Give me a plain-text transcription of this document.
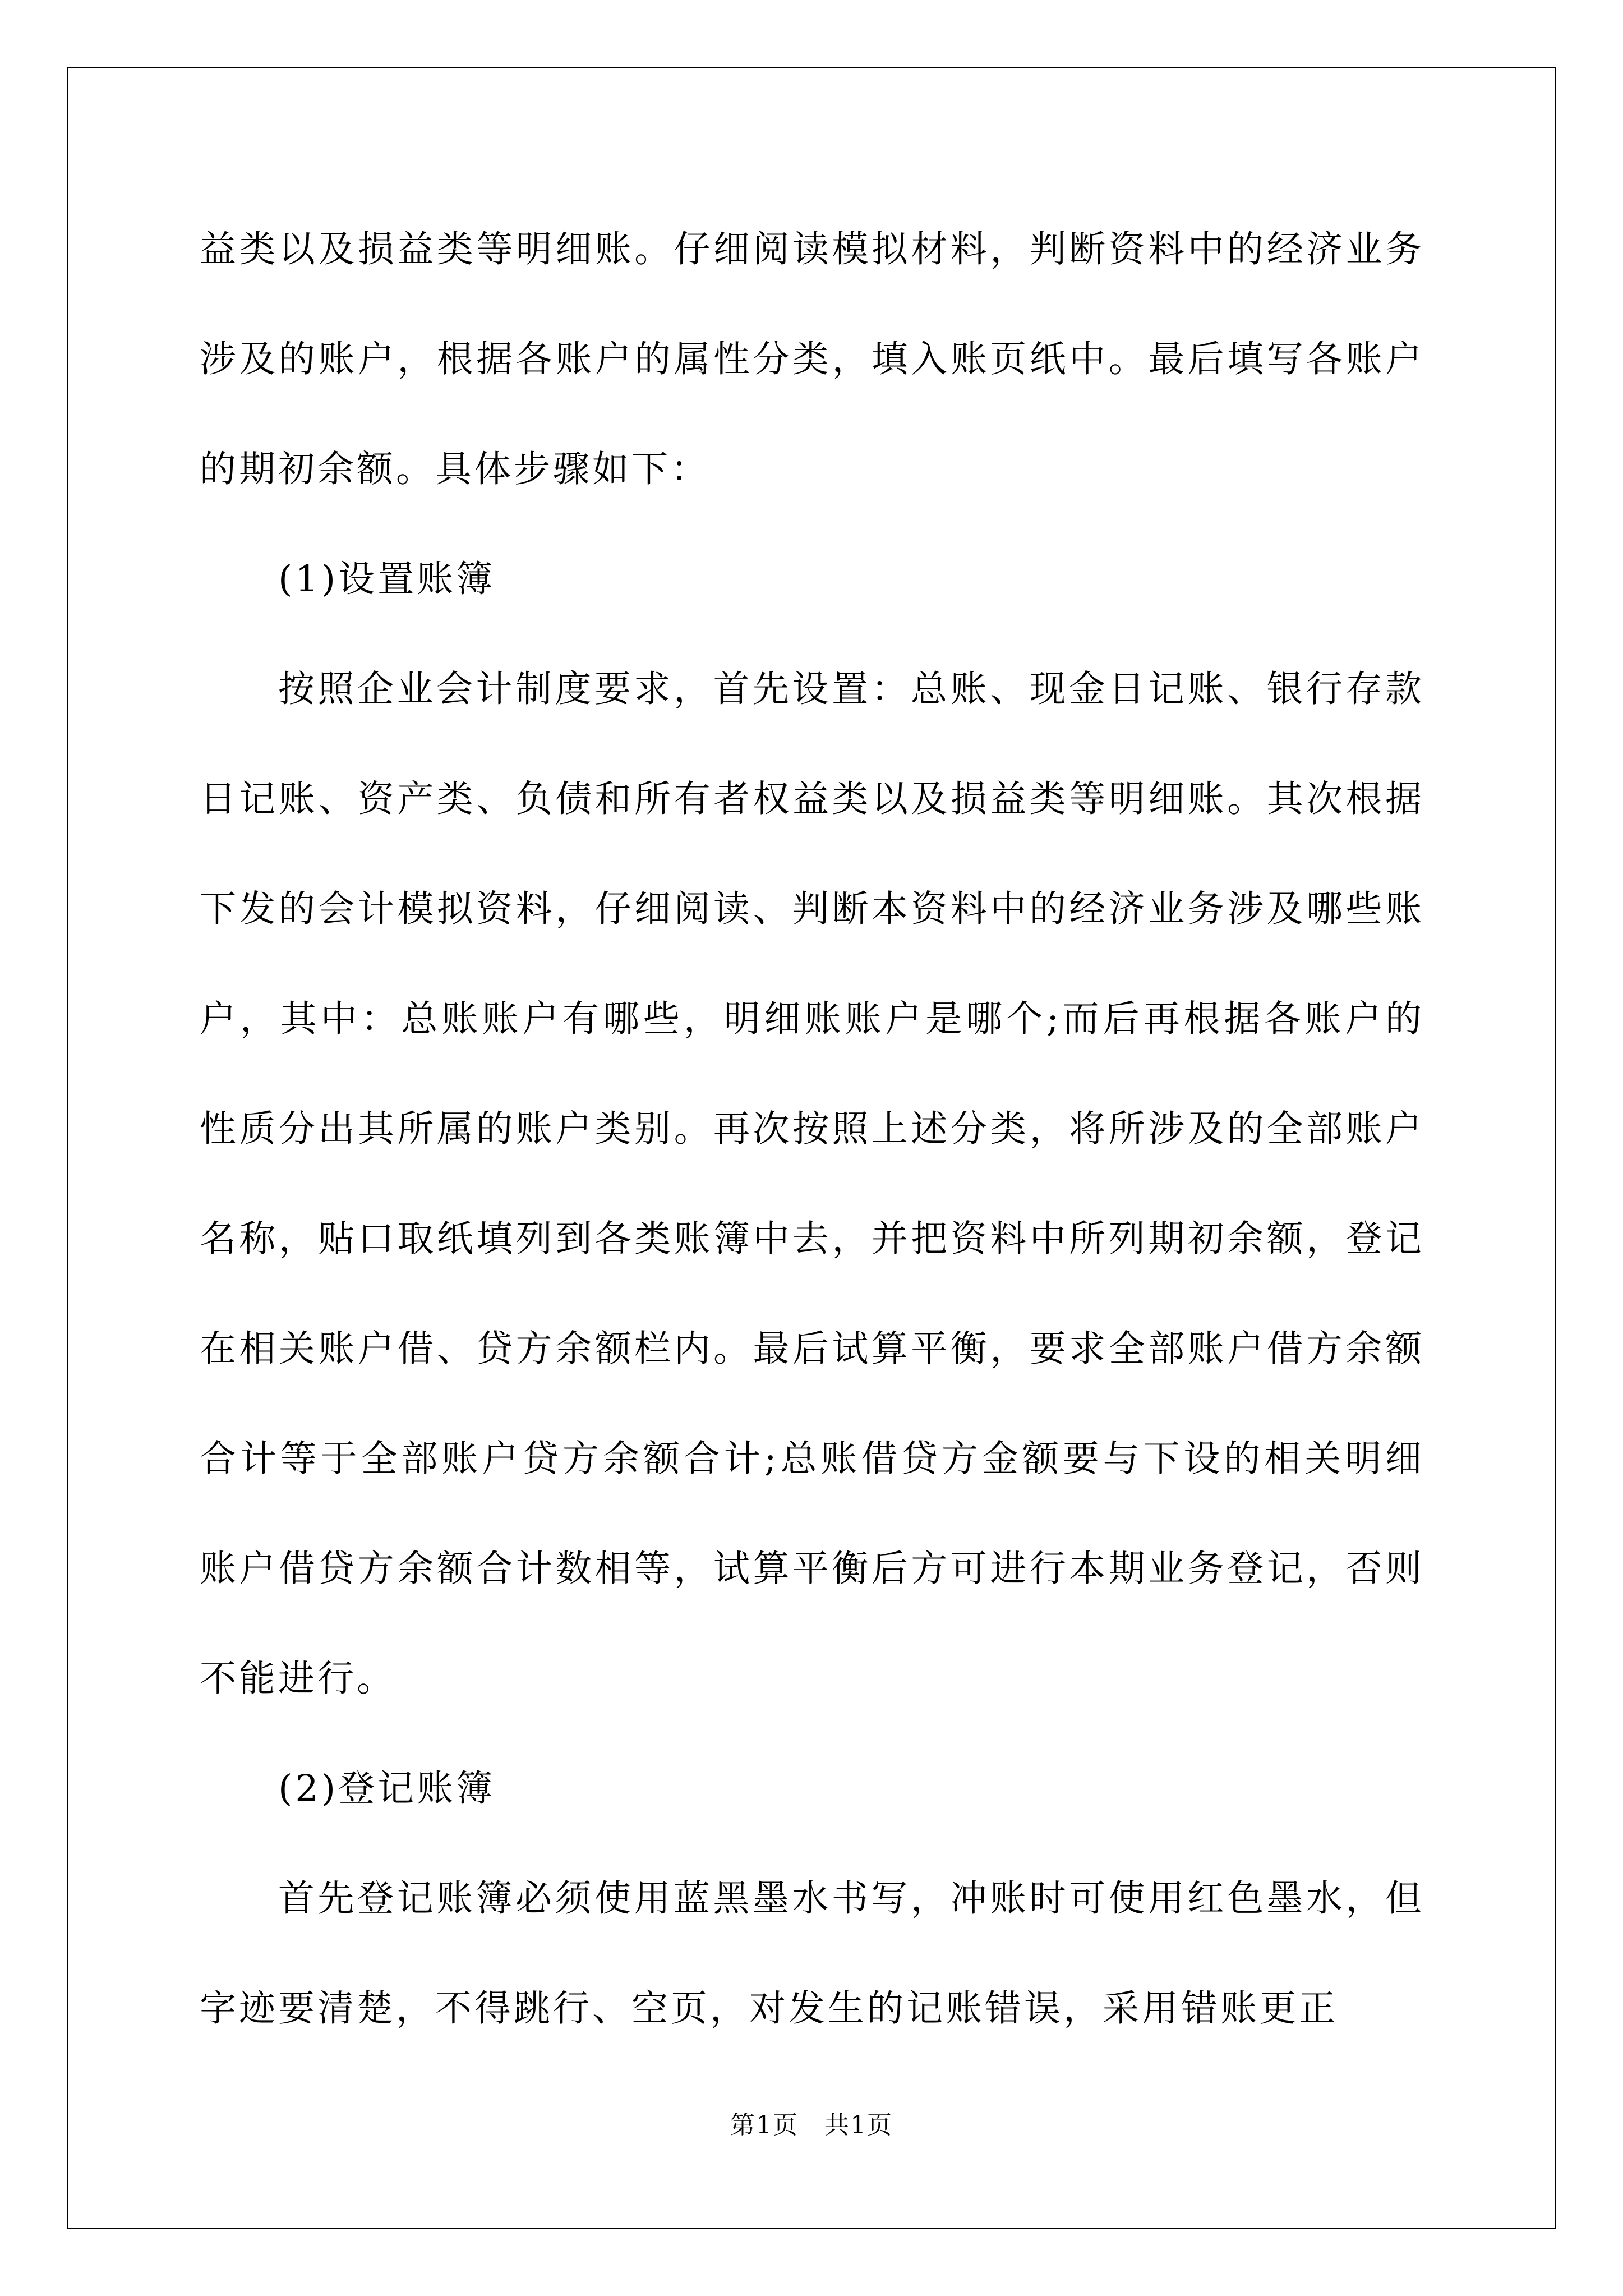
益类以及损益类等明细账。仔细阅读模拟材料，判断资料中的经济业务涉及的账户，根据各账户的属性分类，填入账页纸中。最后填写各账户的期初余额。具体步骤如下：

(1)设置账簿

按照企业会计制度要求，首先设置：总账、现金日记账、银行存款日记账、资产类、负债和所有者权益类以及损益类等明细账。其次根据下发的会计模拟资料，仔细阅读、判断本资料中的经济业务涉及哪些账户，其中：总账账户有哪些，明细账账户是哪个;而后再根据各账户的性质分出其所属的账户类别。再次按照上述分类，将所涉及的全部账户名称，贴口取纸填列到各类账簿中去，并把资料中所列期初余额，登记在相关账户借、贷方余额栏内。最后试算平衡，要求全部账户借方余额合计等于全部账户贷方余额合计;总账借贷方金额要与下设的相关明细账户借贷方余额合计数相等，试算平衡后方可进行本期业务登记，否则不能进行。

(2)登记账簿

首先登记账簿必须使用蓝黑墨水书写，冲账时可使用红色墨水，但字迹要清楚，不得跳行、空页，对发生的记账错误，采用错账更正

第1页　共1页
